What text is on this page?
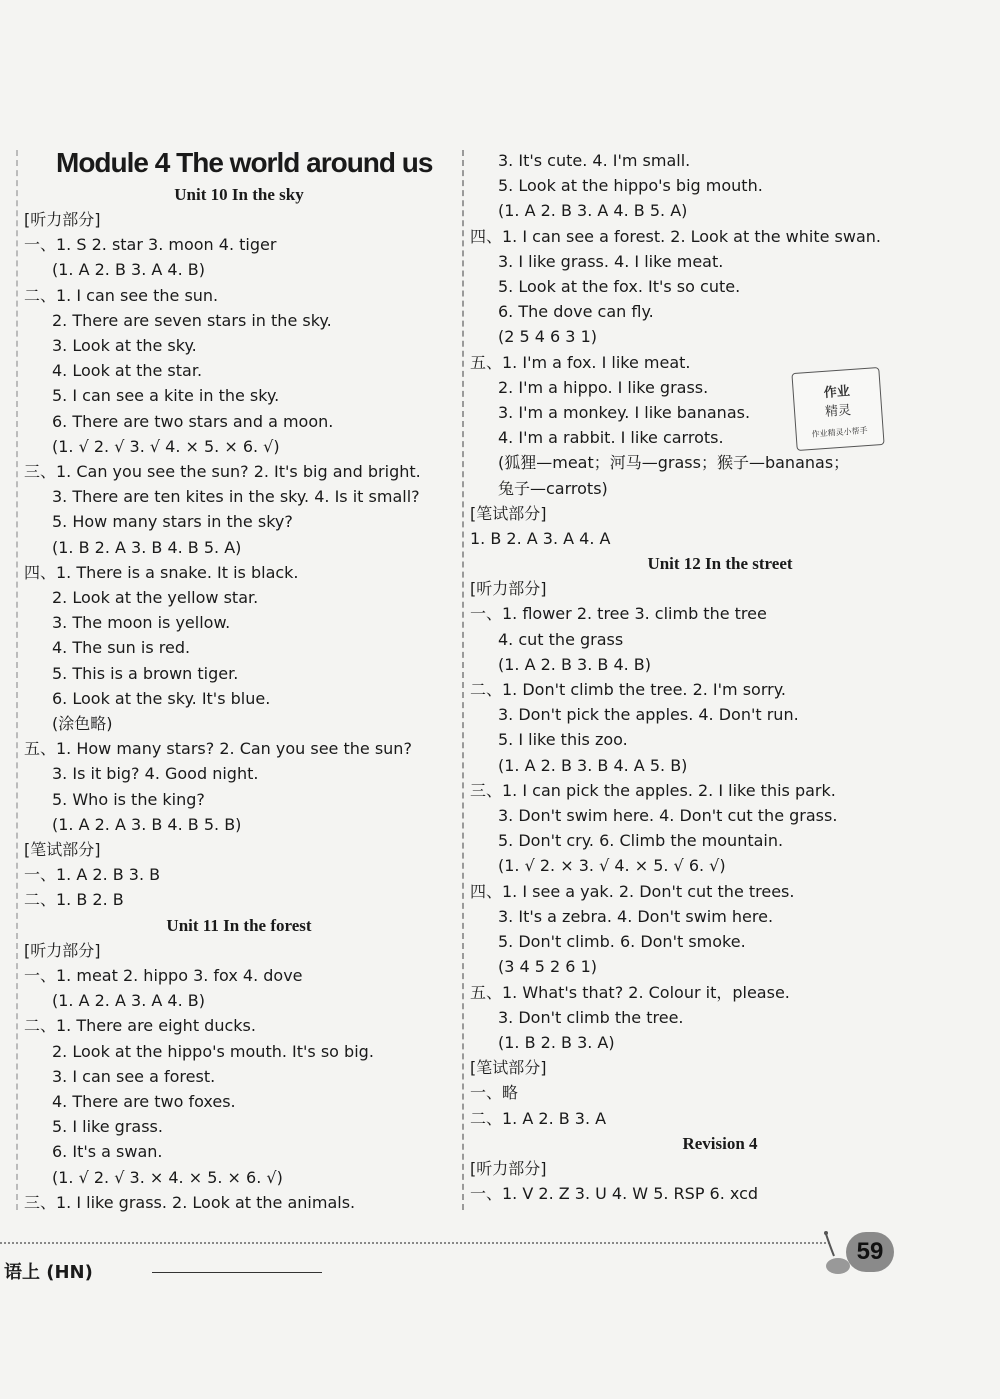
Module 4 The world around us
Unit 10 In the sky
[听力部分]
一、1. S 2. star 3. moon 4. tiger
(1. A 2. B 3. A 4. B)
二、1. I can see the sun.
2. There are seven stars in the sky.
3. Look at the sky.
4. Look at the star.
5. I can see a kite in the sky.
6. There are two stars and a moon.
(1. √ 2. √ 3. √ 4. × 5. × 6. √)
三、1. Can you see the sun? 2. It's big and bright.
3. There are ten kites in the sky. 4. Is it small?
5. How many stars in the sky?
(1. B 2. A 3. B 4. B 5. A)
四、1. There is a snake. It is black.
2. Look at the yellow star.
3. The moon is yellow.
4. The sun is red.
5. This is a brown tiger.
6. Look at the sky. It's blue.
(涂色略)
五、1. How many stars? 2. Can you see the sun?
3. Is it big? 4. Good night.
5. Who is the king?
(1. A 2. A 3. B 4. B 5. B)
[笔试部分]
一、1. A 2. B 3. B
二、1. B 2. B
Unit 11 In the forest
[听力部分]
一、1. meat 2. hippo 3. fox 4. dove
(1. A 2. A 3. A 4. B)
二、1. There are eight ducks.
2. Look at the hippo's mouth. It's so big.
3. I can see a forest.
4. There are two foxes.
5. I like grass.
6. It's a swan.
(1. √ 2. √ 3. × 4. × 5. × 6. √)
三、1. I like grass. 2. Look at the animals.
3. It's cute. 4. I'm small.
5. Look at the hippo's big mouth.
(1. A 2. B 3. A 4. B 5. A)
四、1. I can see a forest. 2. Look at the white swan.
3. I like grass. 4. I like meat.
5. Look at the fox. It's so cute.
6. The dove can fly.
(2 5 4 6 3 1)
五、1. I'm a fox. I like meat.
2. I'm a hippo. I like grass.
3. I'm a monkey. I like bananas.
4. I'm a rabbit. I like carrots.
(狐狸—meat；河马—grass；猴子—bananas；
兔子—carrots)
[笔试部分]
1. B 2. A 3. A 4. A
Unit 12 In the street
[听力部分]
一、1. flower 2. tree 3. climb the tree
4. cut the grass
(1. A 2. B 3. B 4. B)
二、1. Don't climb the tree. 2. I'm sorry.
3. Don't pick the apples. 4. Don't run.
5. I like this zoo.
(1. A 2. B 3. B 4. A 5. B)
三、1. I can pick the apples. 2. I like this park.
3. Don't swim here. 4. Don't cut the grass.
5. Don't cry. 6. Climb the mountain.
(1. √ 2. × 3. √ 4. × 5. √ 6. √)
四、1. I see a yak. 2. Don't cut the trees.
3. It's a zebra. 4. Don't swim here.
5. Don't climb. 6. Don't smoke.
(3 4 5 2 6 1)
五、1. What's that? 2. Colour it，please.
3. Don't climb the tree.
(1. B 2. B 3. A)
[笔试部分]
一、略
二、1. A 2. B 3. A
Revision 4
[听力部分]
一、1. V 2. Z 3. U 4. W 5. RSP 6. xcd
作业
精灵
作业精灵小帮手
语上 (HN)
59
